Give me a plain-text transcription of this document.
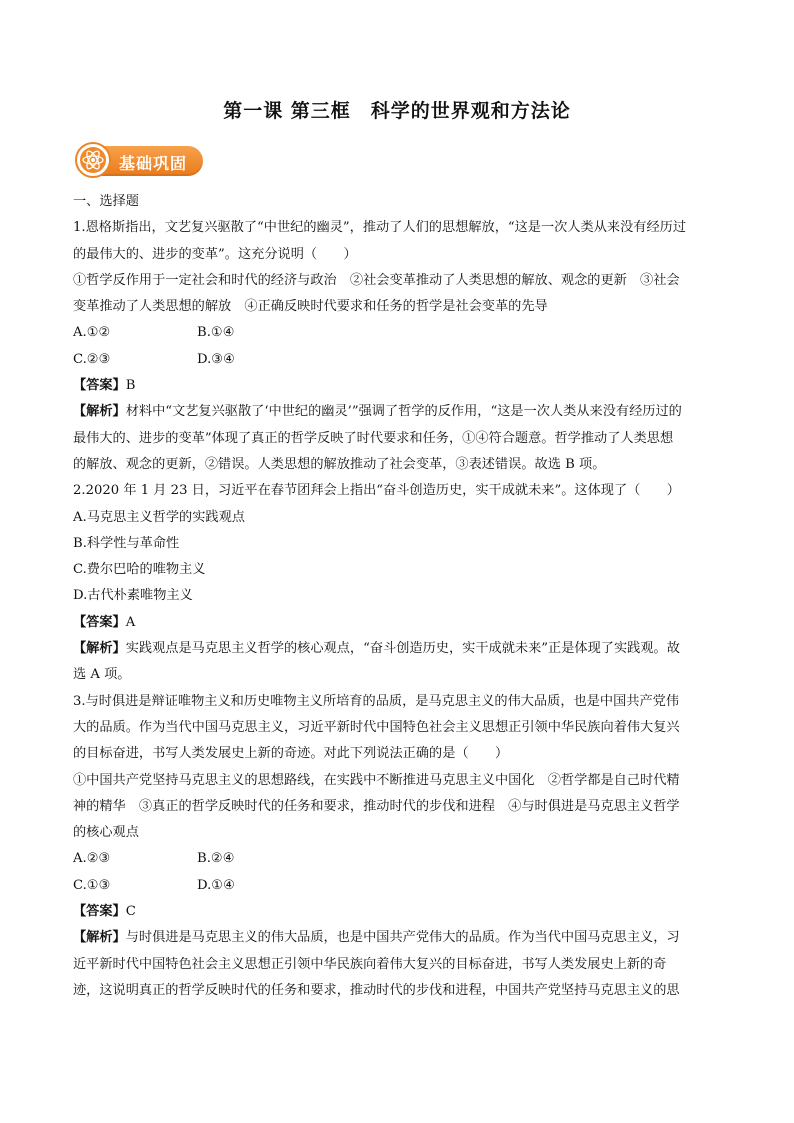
第一课 第三框　科学的世界观和方法论
基础巩固

一、选择题

1.恩格斯指出，文艺复兴驱散了“中世纪的幽灵”，推动了人们的思想解放，“这是一次人类从来没有经历过

的最伟大的、进步的变革”。这充分说明（　　）

①哲学反作用于一定社会和时代的经济与政治　②社会变革推动了人类思想的解放、观念的更新　③社会

变革推动了人类思想的解放　④正确反映时代要求和任务的哲学是社会变革的先导

A.①②	B.①④
C.②③	D.③④

【答案】B

【解析】材料中“文艺复兴驱散了‘中世纪的幽灵’”强调了哲学的反作用，“这是一次人类从来没有经历过的

最伟大的、进步的变革”体现了真正的哲学反映了时代要求和任务，①④符合题意。哲学推动了人类思想

的解放、观念的更新，②错误。人类思想的解放推动了社会变革，③表述错误。故选 B 项。

2.2020 年 1 月 23 日，习近平在春节团拜会上指出“奋斗创造历史，实干成就未来”。这体现了（　　）

A.马克思主义哲学的实践观点

B.科学性与革命性

C.费尔巴哈的唯物主义

D.古代朴素唯物主义

【答案】A

【解析】实践观点是马克思主义哲学的核心观点，“奋斗创造历史，实干成就未来”正是体现了实践观。故

选 A 项。

3.与时俱进是辩证唯物主义和历史唯物主义所培育的品质，是马克思主义的伟大品质，也是中国共产党伟

大的品质。作为当代中国马克思主义，习近平新时代中国特色社会主义思想正引领中华民族向着伟大复兴

的目标奋进，书写人类发展史上新的奇迹。对此下列说法正确的是（　　）

①中国共产党坚持马克思主义的思想路线，在实践中不断推进马克思主义中国化　②哲学都是自己时代精

神的精华　③真正的哲学反映时代的任务和要求，推动时代的步伐和进程　④与时俱进是马克思主义哲学

的核心观点

A.②③	B.②④
C.①③	D.①④

【答案】C

【解析】与时俱进是马克思主义的伟大品质，也是中国共产党伟大的品质。作为当代中国马克思主义，习

近平新时代中国特色社会主义思想正引领中华民族向着伟大复兴的目标奋进，书写人类发展史上新的奇

迹，这说明真正的哲学反映时代的任务和要求，推动时代的步伐和进程，中国共产党坚持马克思主义的思
